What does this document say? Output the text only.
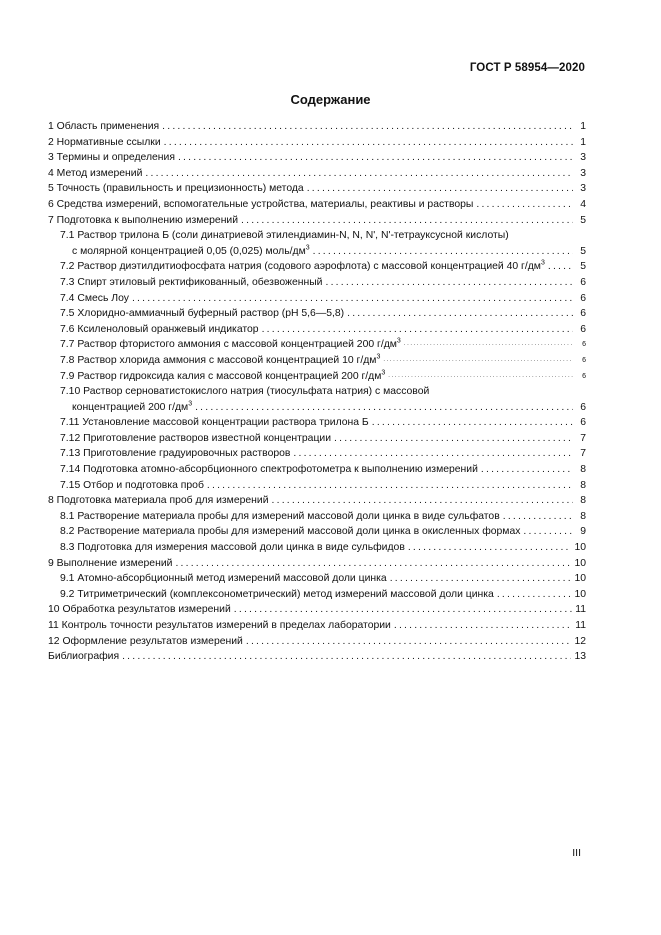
ГОСТ Р 58954—2020
Содержание
1 Область применения .....	1
2 Нормативные ссылки .....	1
3 Термины и определения .....	3
4 Метод измерений .....	3
5 Точность (правильность и прецизионность) метода .....	3
6 Средства измерений, вспомогательные устройства, материалы, реактивы и растворы .....	4
7 Подготовка к выполнению измерений .....	5
7.1 Раствор трилона Б (соли динатриевой этилендиамин-N, N, N', N'-тетрауксусной кислоты)
с молярной концентрацией 0,05 (0,025) моль/$дм^3$ .....	5
7.2 Раствор диэтилдитиофосфата натрия (содового аэрофлота) с массовой концентрацией 40 $г/дм^3$ .....	5
7.3 Спирт этиловый ректификованный, обезвоженный .....	6
7.4 Смесь Лоу .....	6
7.5 Хлоридно-аммиачный буферный раствор (рН 5,6—5,8) .....	6
7.6 Ксиленоловый оранжевый индикатор .....	6
7.7 Раствор фтористого аммония с массовой концентрацией 200 $г/дм^3$ .....	6
7.8 Раствор хлорида аммония с массовой концентрацией 10 $г/дм^3$ .....	6
7.9 Раствор гидроксида калия с массовой концентрацией 200 $г/дм^3$ .....	6
7.10 Раствор серноватистокислого натрия (тиосульфата натрия) с массовой
концентрацией 200 $г/дм^3$ .....	6
7.11 Установление массовой концентрации раствора трилона Б .....	6
7.12 Приготовление растворов известной концентрации .....	7
7.13 Приготовление градуировочных растворов .....	7
7.14 Подготовка атомно-абсорбционного спектрофотометра к выполнению измерений .....	8
7.15 Отбор и подготовка проб .....	8
8 Подготовка материала проб для измерений .....	8
8.1 Растворение материала пробы для измерений массовой доли цинка в виде сульфатов .....	8
8.2 Растворение материала пробы для измерений массовой доли цинка в окисленных формах .....	9
8.3 Подготовка для измерения массовой доли цинка в виде сульфидов .....	10
9 Выполнение измерений .....	10
9.1 Атомно-абсорбционный метод измерений массовой доли цинка .....	10
9.2 Титриметрический (комплексонометрический) метод измерений массовой доли цинка .....	10
10 Обработка результатов измерений .....	11
11 Контроль точности результатов измерений в пределах лаборатории .....	11
12 Оформление результатов измерений .....	12
Библиография .....	13
III
